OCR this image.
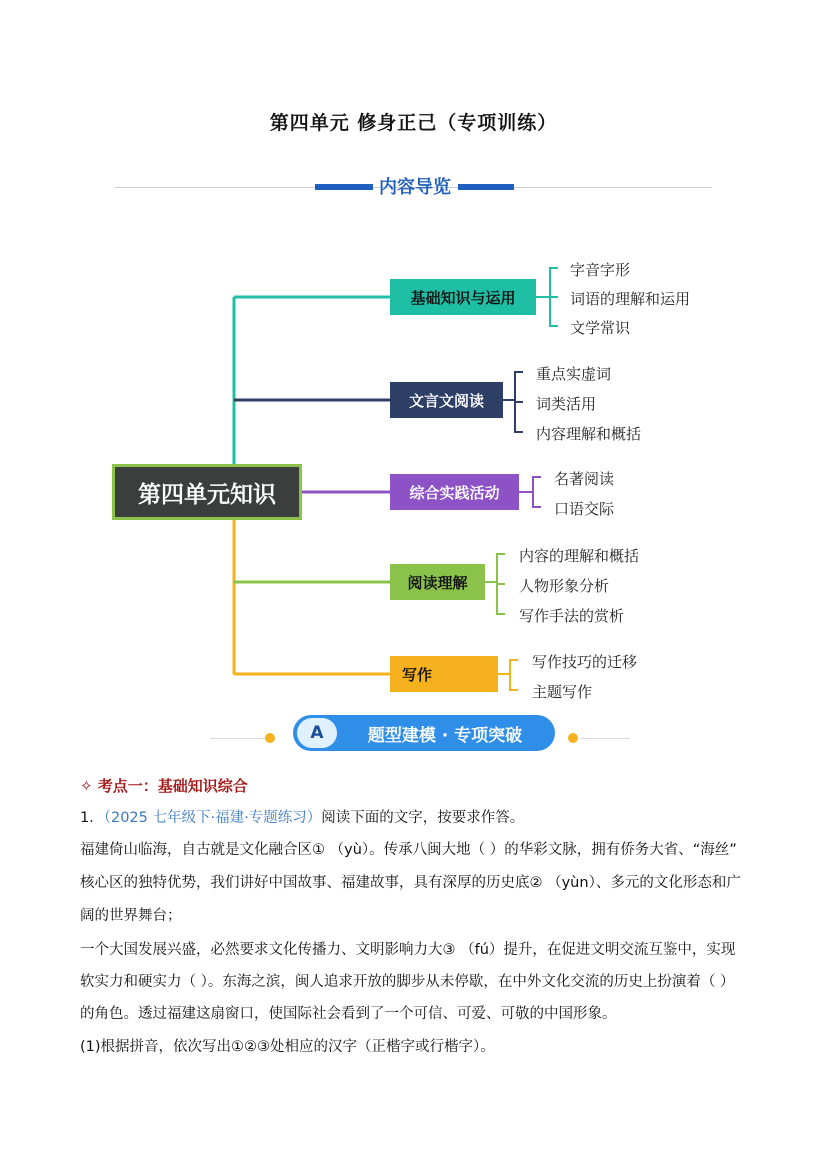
第四单元 修身正己（专项训练）
内容导览
第四单元知识
基础知识与运用
文言文阅读
综合实践活动
阅读理解
写作
字音字形
词语的理解和运用
文学常识
重点实虚词
词类活用
内容理解和概括
名著阅读
口语交际
内容的理解和概括
人物形象分析
写作手法的赏析
写作技巧的迁移
主题写作
A	题型建模 · 专项突破
✧ 考点一：基础知识综合
1．（2025 七年级下·福建·专题练习）阅读下面的文字，按要求作答。
福建倚山临海，自古就是文化融合区① （yù）。传承八闽大地（ ）的华彩文脉，拥有侨务大省、“海丝”
核心区的独特优势，我们讲好中国故事、福建故事，具有深厚的历史底② （yùn）、多元的文化形态和广
阔的世界舞台；
一个大国发展兴盛，必然要求文化传播力、文明影响力大③ （fú）提升，在促进文明交流互鉴中，实现
软实力和硬实力（ ）。东海之滨，闽人追求开放的脚步从未停歇，在中外文化交流的历史上扮演着（ ）
的角色。透过福建这扇窗口，使国际社会看到了一个可信、可爱、可敬的中国形象。
(1)根据拼音，依次写出①②③处相应的汉字（正楷字或行楷字）。
